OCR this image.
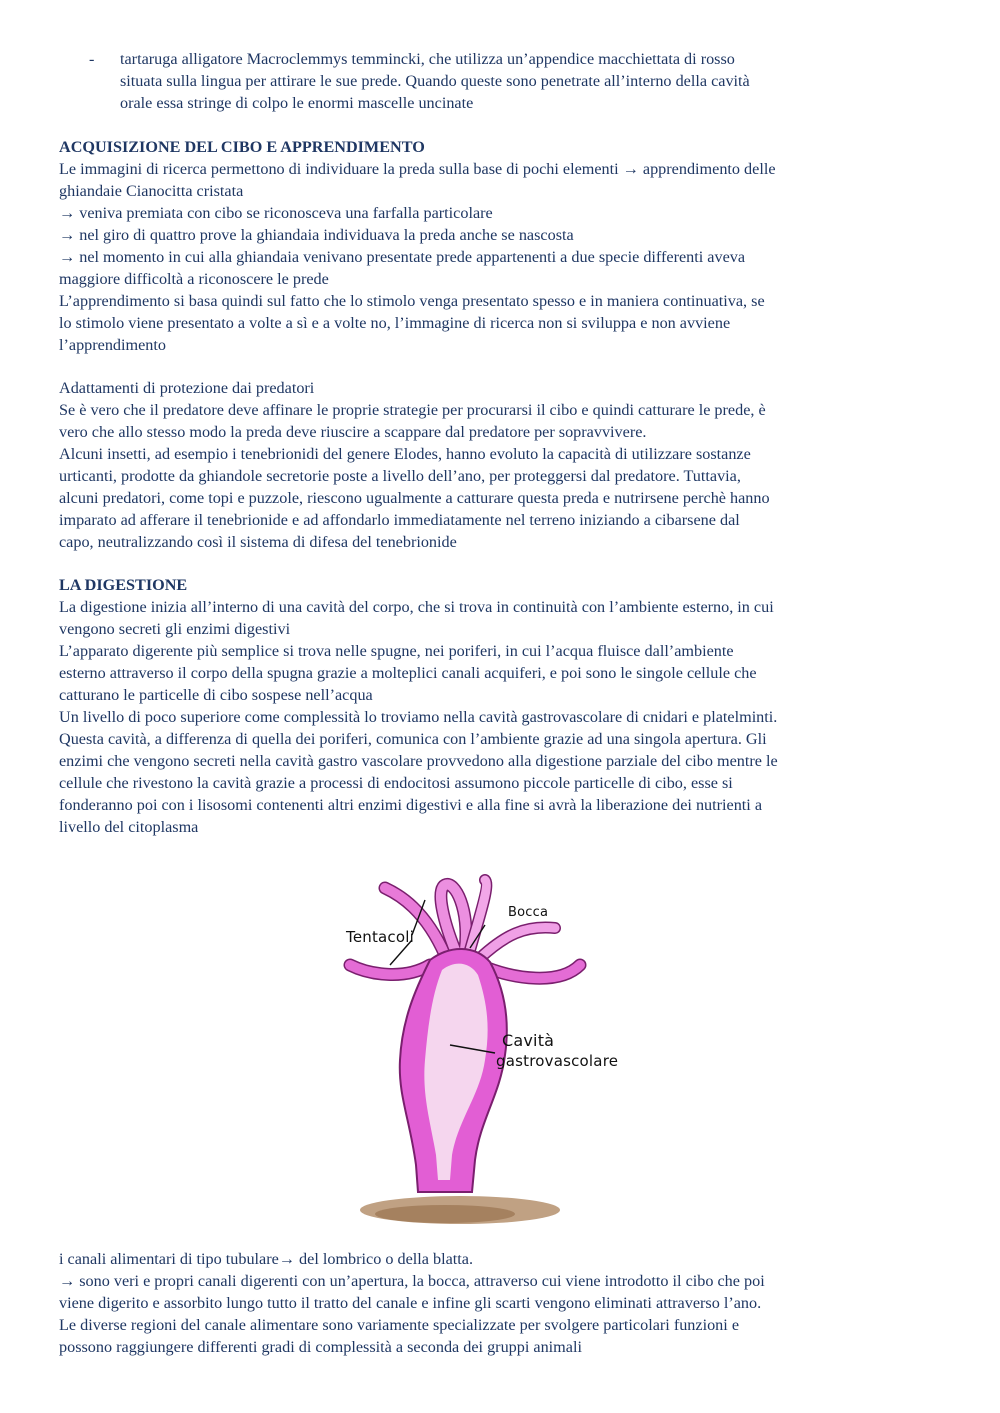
- tartaruga alligatore Macroclemmys temmincki, che utilizza un’appendice macchiettata di rosso
situata sulla lingua per attirare le sue prede. Quando queste sono penetrate all’interno della cavità
orale essa stringe di colpo le enormi mascelle uncinate
ACQUISIZIONE DEL CIBO E APPRENDIMENTO
Le immagini di ricerca permettono di individuare la preda sulla base di pochi elementi → apprendimento delle
ghiandaie Cianocitta cristata
→ veniva premiata con cibo se riconosceva una farfalla particolare
→ nel giro di quattro prove la ghiandaia individuava la preda anche se nascosta
→ nel momento in cui alla ghiandaia venivano presentate prede appartenenti a due specie differenti aveva
maggiore difficoltà a riconoscere le prede
L’apprendimento si basa quindi sul fatto che lo stimolo venga presentato spesso e in maniera continuativa, se
lo stimolo viene presentato a volte a sì e a volte no, l’immagine di ricerca non si sviluppa e non avviene
l’apprendimento
Adattamenti di protezione dai predatori
Se è vero che il predatore deve affinare le proprie strategie per procurarsi il cibo e quindi catturare le prede, è
vero che allo stesso modo la preda deve riuscire a scappare dal predatore per sopravvivere.
Alcuni insetti, ad esempio i tenebrionidi del genere Elodes, hanno evoluto la capacità di utilizzare sostanze
urticanti, prodotte da ghiandole secretorie poste a livello dell’ano, per proteggersi dal predatore. Tuttavia,
alcuni predatori, come topi e puzzole, riescono ugualmente a catturare questa preda e nutrirsene perchè hanno
imparato ad afferare il tenebrionide e ad affondarlo immediatamente nel terreno iniziando a cibarsene dal
capo, neutralizzando così il sistema di difesa del tenebrionide
LA DIGESTIONE
La digestione inizia all’interno di una cavità del corpo, che si trova in continuità con l’ambiente esterno, in cui
vengono secreti gli enzimi digestivi
L’apparato digerente più semplice si trova nelle spugne, nei poriferi, in cui l’acqua fluisce dall’ambiente
esterno attraverso il corpo della spugna grazie a molteplici canali acquiferi, e poi sono le singole cellule che
catturano le particelle di cibo sospese nell’acqua
Un livello di poco superiore come complessità lo troviamo nella cavità gastrovascolare di cnidari e platelminti.
Questa cavità, a differenza di quella dei poriferi, comunica con l’ambiente grazie ad una singola apertura. Gli
enzimi che vengono secreti nella cavità gastro vascolare provvedono alla digestione parziale del cibo mentre le
cellule che rivestono la cavità grazie a processi di endocitosi assumono piccole particelle di cibo, esse si
fonderanno poi con i lisosomi contenenti altri enzimi digestivi e alla fine si avrà la liberazione dei nutrienti a
livello del citoplasma
Tentacoli
Bocca
Cavità
gastrovascolare
i canali alimentari di tipo tubulare→ del lombrico o della blatta.
→ sono veri e propri canali digerenti con un’apertura, la bocca, attraverso cui viene introdotto il cibo che poi
viene digerito e assorbito lungo tutto il tratto del canale e infine gli scarti vengono eliminati attraverso l’ano.
Le diverse regioni del canale alimentare sono variamente specializzate per svolgere particolari funzioni e
possono raggiungere differenti gradi di complessità a seconda dei gruppi animali
